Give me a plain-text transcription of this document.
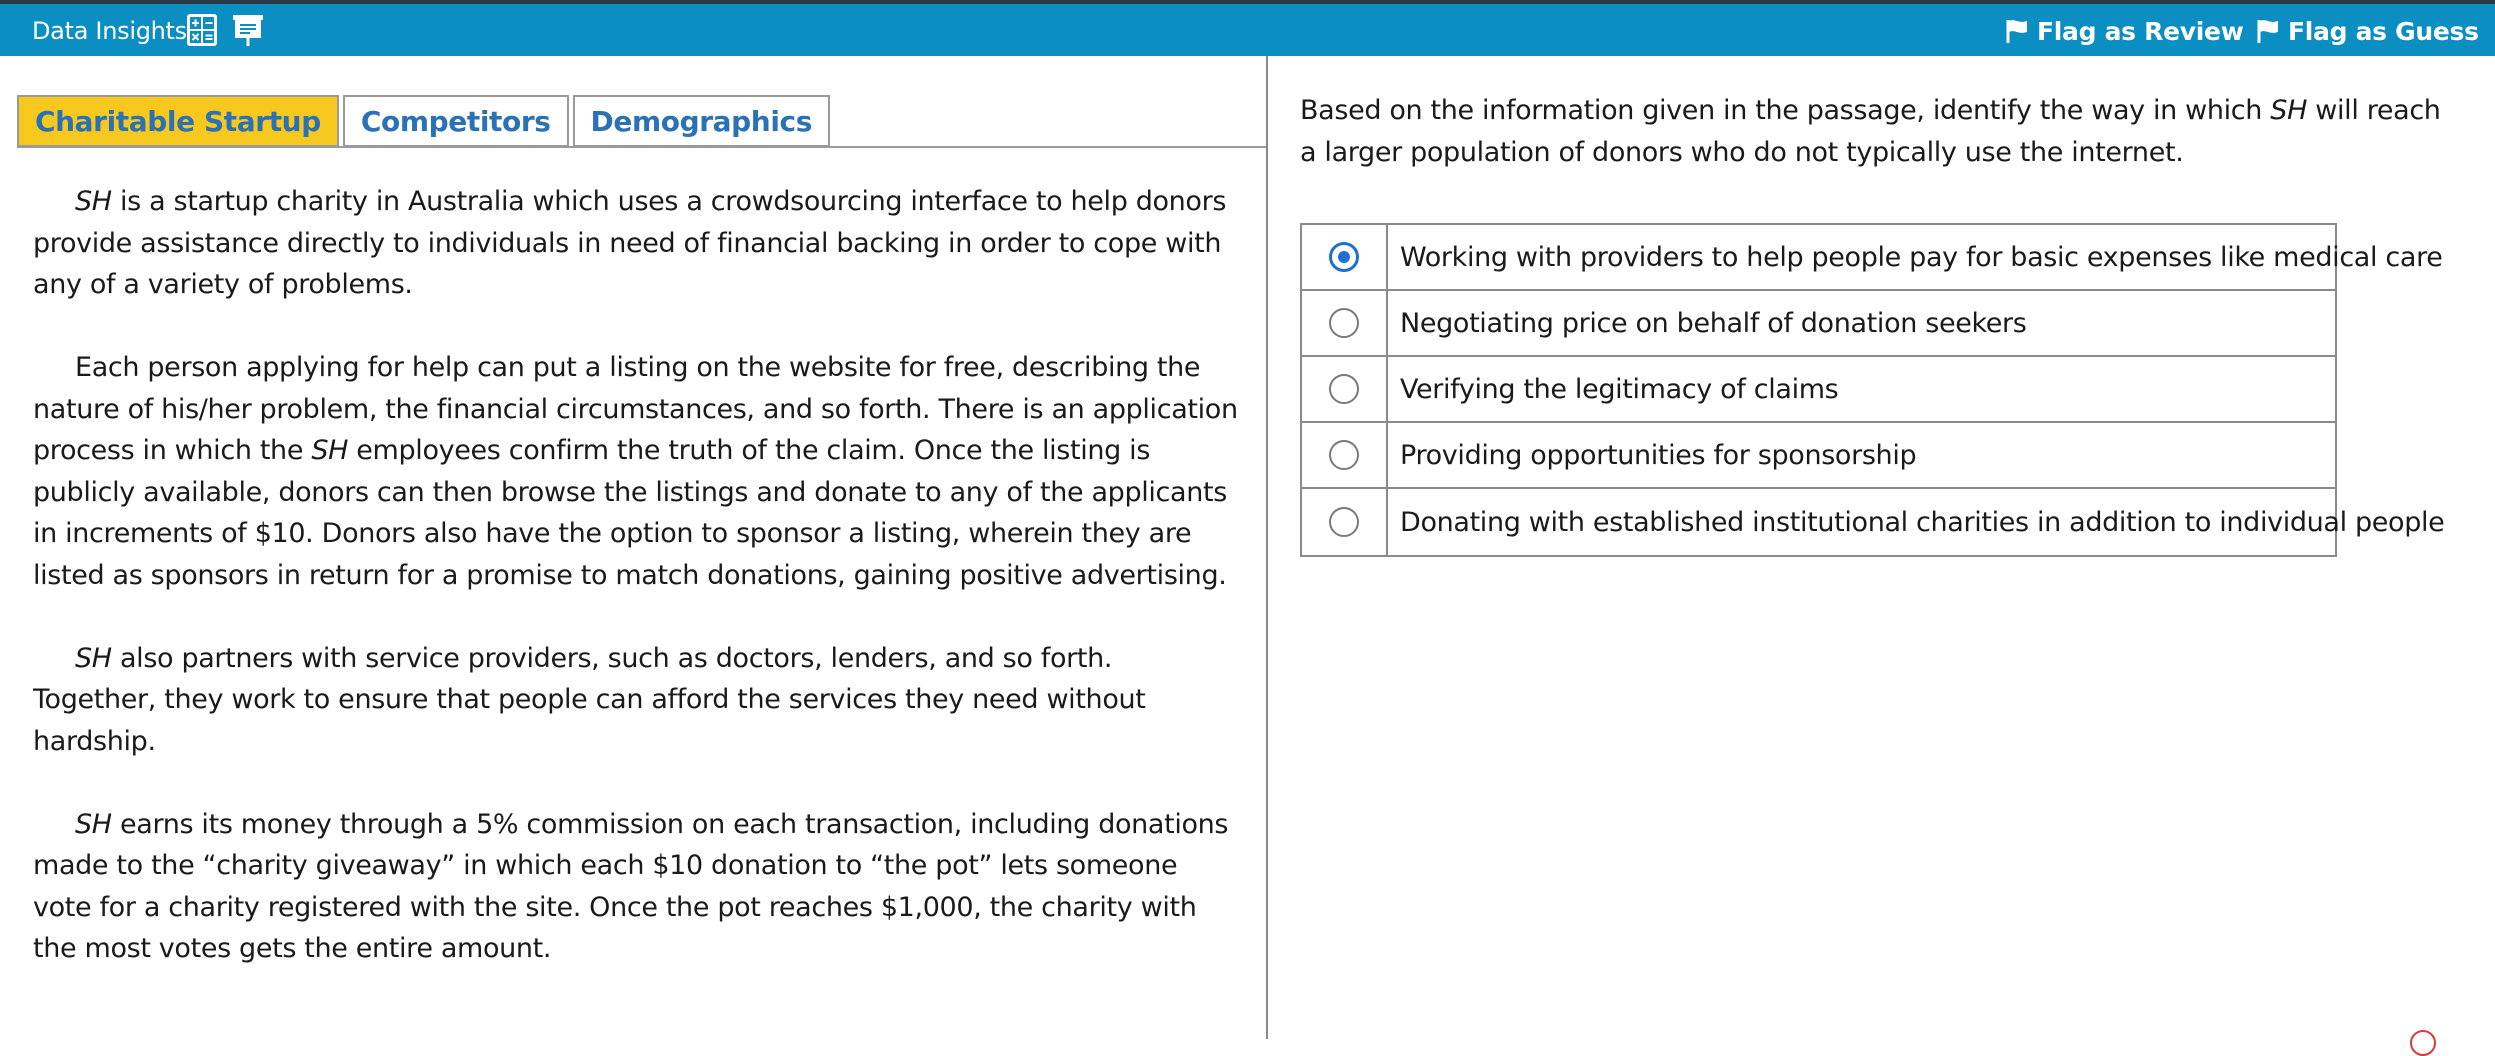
Data Insights	Flag as Review Flag as Guess
Charitable Startup	Competitors	Demographics

SH is a startup charity in Australia which uses a crowdsourcing interface to help donors provide assistance directly to individuals in need of financial backing in order to cope with any of a variety of problems.

Each person applying for help can put a listing on the website for free, describing the nature of his/her problem, the financial circumstances, and so forth. There is an application process in which the SH employees confirm the truth of the claim. Once the listing is publicly available, donors can then browse the listings and donate to any of the applicants in increments of $10. Donors also have the option to sponsor a listing, wherein they are listed as sponsors in return for a promise to match donations, gaining positive advertising.

SH also partners with service providers, such as doctors, lenders, and so forth. Together, they work to ensure that people can afford the services they need without hardship.

SH earns its money through a 5% commission on each transaction, including donations made to the “charity giveaway” in which each $10 donation to “the pot” lets someone vote for a charity registered with the site. Once the pot reaches $1,000, the charity with the most votes gets the entire amount.

Based on the information given in the passage, identify the way in which SH will reach a larger population of donors who do not typically use the internet.
Working with providers to help people pay for basic expenses like medical care
Negotiating price on behalf of donation seekers
Verifying the legitimacy of claims
Providing opportunities for sponsorship
Donating with established institutional charities in addition to individual people
